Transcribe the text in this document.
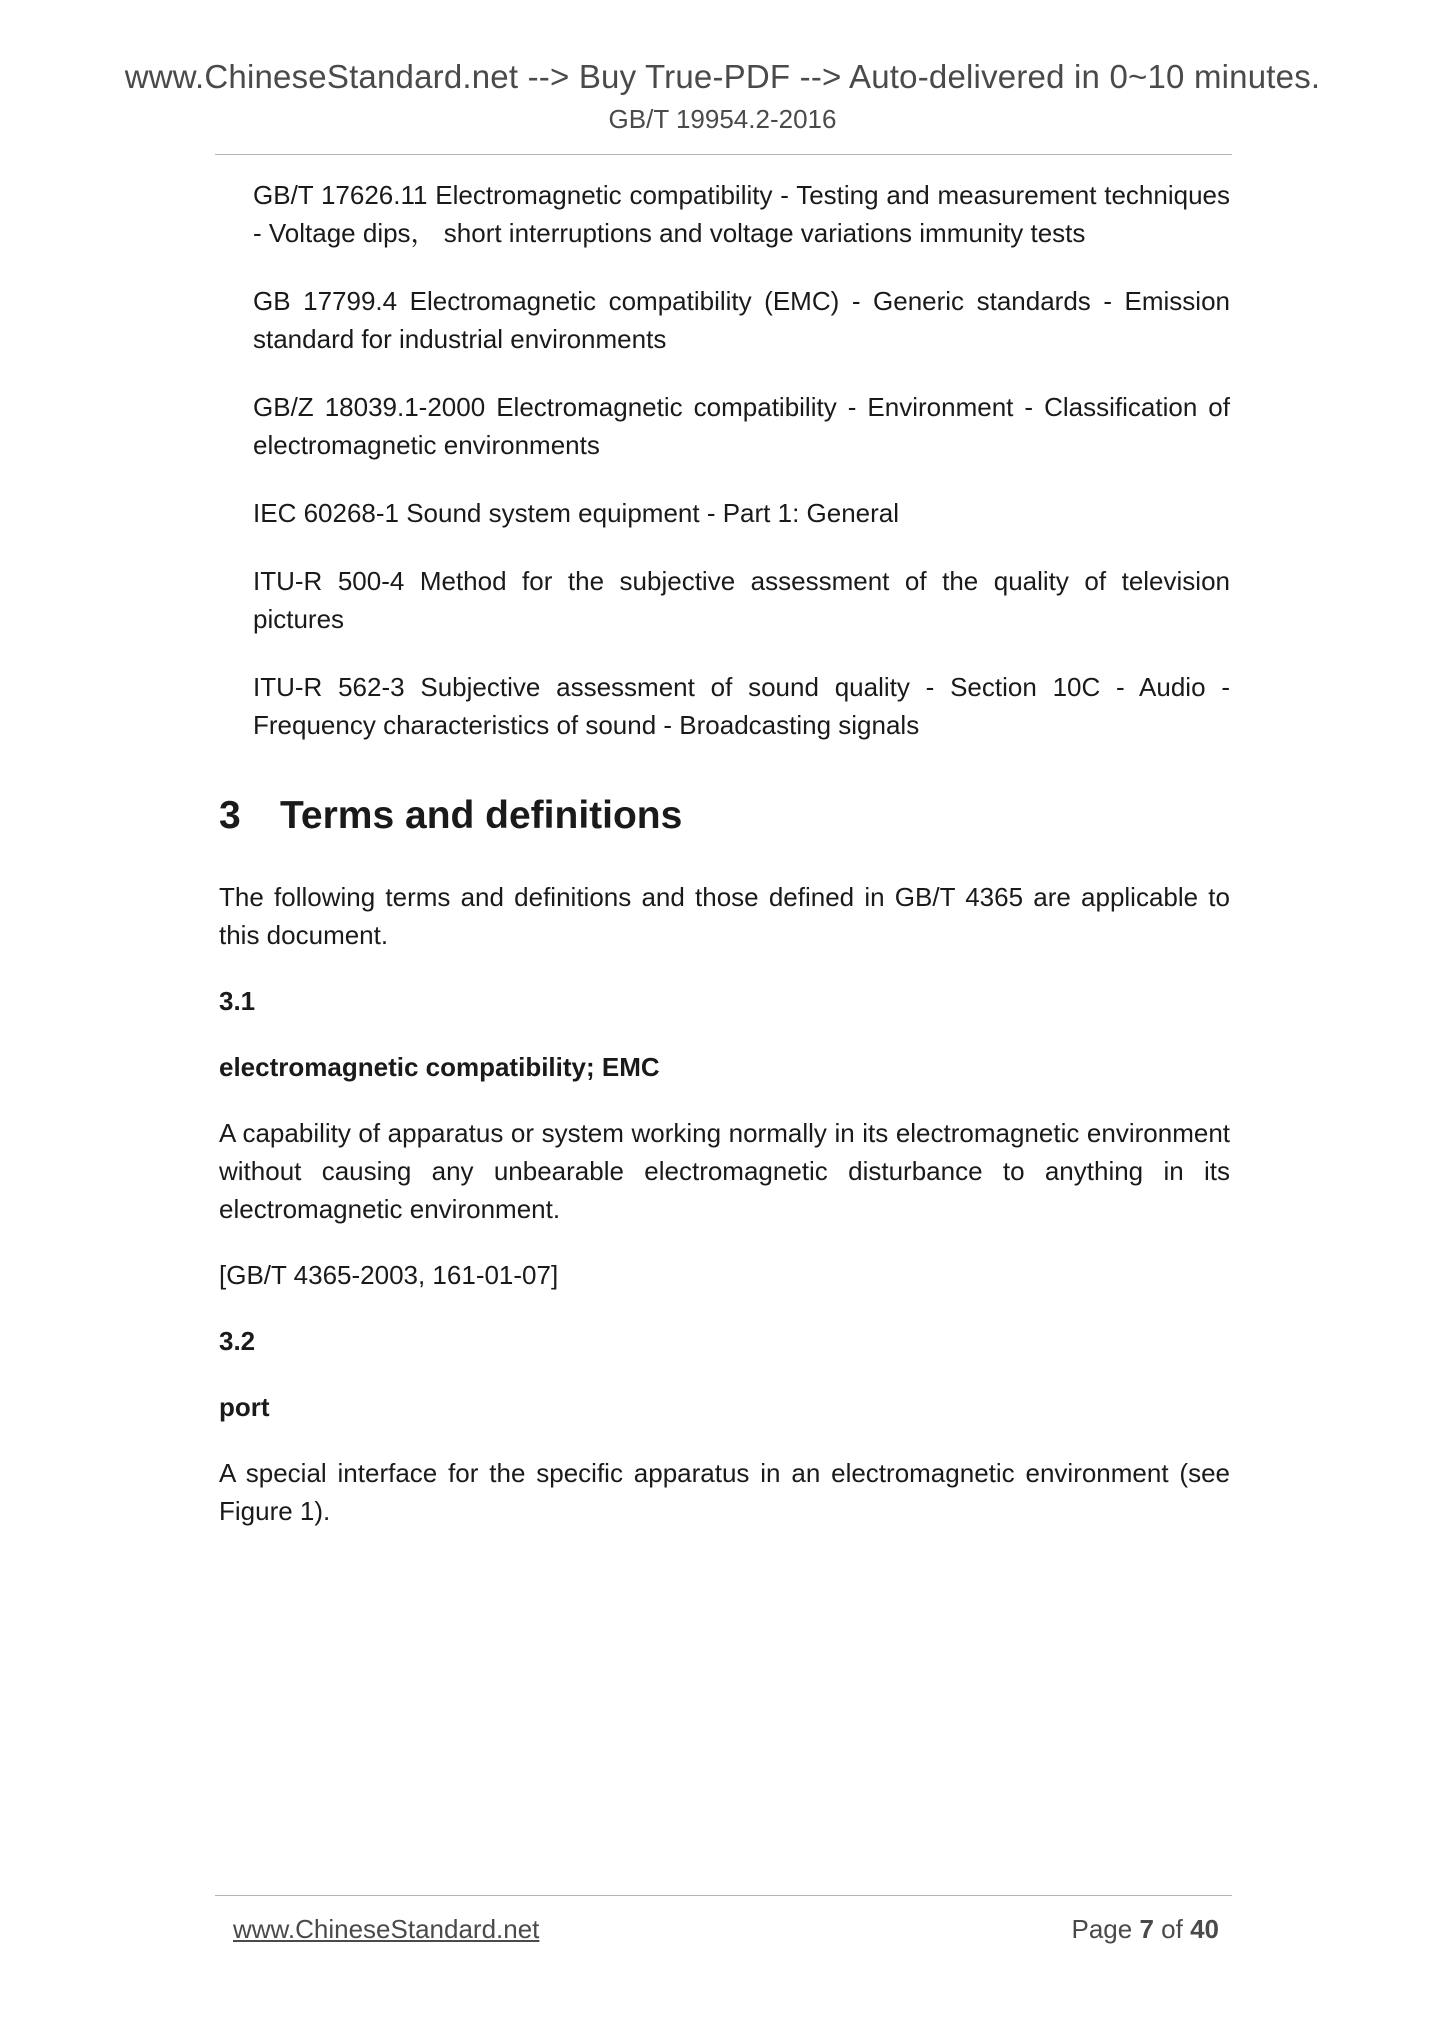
www.ChineseStandard.net --> Buy True-PDF --> Auto-delivered in 0~10 minutes.
GB/T 19954.2-2016
GB/T 17626.11 Electromagnetic compatibility - Testing and measurement techniques - Voltage dips， short interruptions and voltage variations immunity tests
GB 17799.4 Electromagnetic compatibility (EMC) - Generic standards - Emission standard for industrial environments
GB/Z 18039.1-2000 Electromagnetic compatibility - Environment - Classification of electromagnetic environments
IEC 60268-1 Sound system equipment - Part 1: General
ITU-R 500-4 Method for the subjective assessment of the quality of television pictures
ITU-R 562-3 Subjective assessment of sound quality - Section 10C - Audio - Frequency characteristics of sound - Broadcasting signals
3 Terms and definitions
The following terms and definitions and those defined in GB/T 4365 are applicable to this document.
3.1
electromagnetic compatibility; EMC
A capability of apparatus or system working normally in its electromagnetic environment without causing any unbearable electromagnetic disturbance to anything in its electromagnetic environment.
[GB/T 4365-2003, 161-01-07]
3.2
port
A special interface for the specific apparatus in an electromagnetic environment (see Figure 1).
www.ChineseStandard.net	Page 7 of 40
